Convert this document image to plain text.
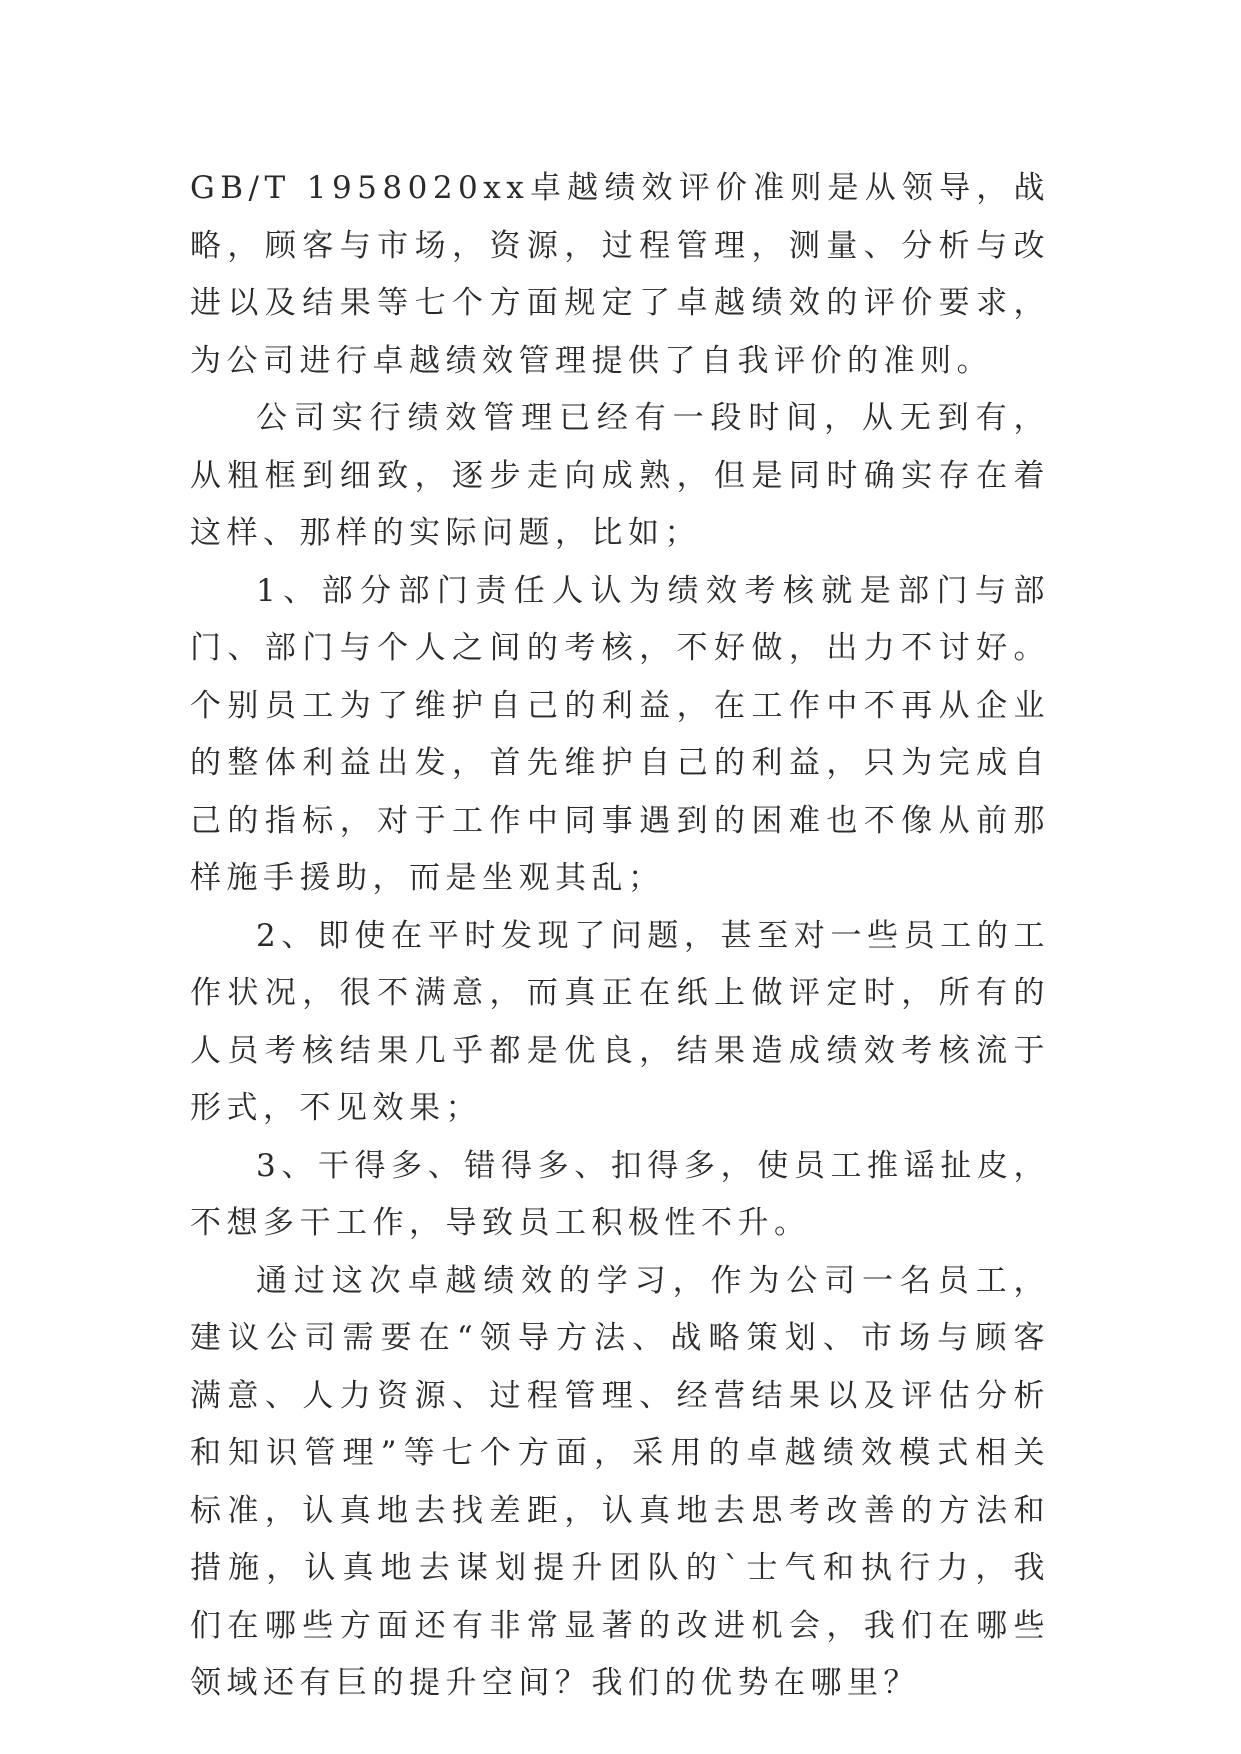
GB/T 1958020xx卓越绩效评价准则是从领导，战略，顾客与市场，资源，过程管理，测量、分析与改进以及结果等七个方面规定了卓越绩效的评价要求，为公司进行卓越绩效管理提供了自我评价的准则。

公司实行绩效管理已经有一段时间，从无到有，从粗框到细致，逐步走向成熟，但是同时确实存在着这样、那样的实际问题，比如；

1、部分部门责任人认为绩效考核就是部门与部门、部门与个人之间的考核，不好做，出力不讨好。个别员工为了维护自己的利益，在工作中不再从企业的整体利益出发，首先维护自己的利益，只为完成自己的指标，对于工作中同事遇到的困难也不像从前那样施手援助，而是坐观其乱；

2、即使在平时发现了问题，甚至对一些员工的工作状况，很不满意，而真正在纸上做评定时，所有的人员考核结果几乎都是优良，结果造成绩效考核流于形式，不见效果；

3、干得多、错得多、扣得多，使员工推谣扯皮，不想多干工作，导致员工积极性不升。

通过这次卓越绩效的学习，作为公司一名员工，建议公司需要在“领导方法、战略策划、市场与顾客满意、人力资源、过程管理、经营结果以及评估分析和知识管理”等七个方面，采用的卓越绩效模式相关标准，认真地去找差距，认真地去思考改善的方法和措施，认真地去谋划提升团队的`士气和执行力，我们在哪些方面还有非常显著的改进机会，我们在哪些领域还有巨的提升空间？我们的优势在哪里？
